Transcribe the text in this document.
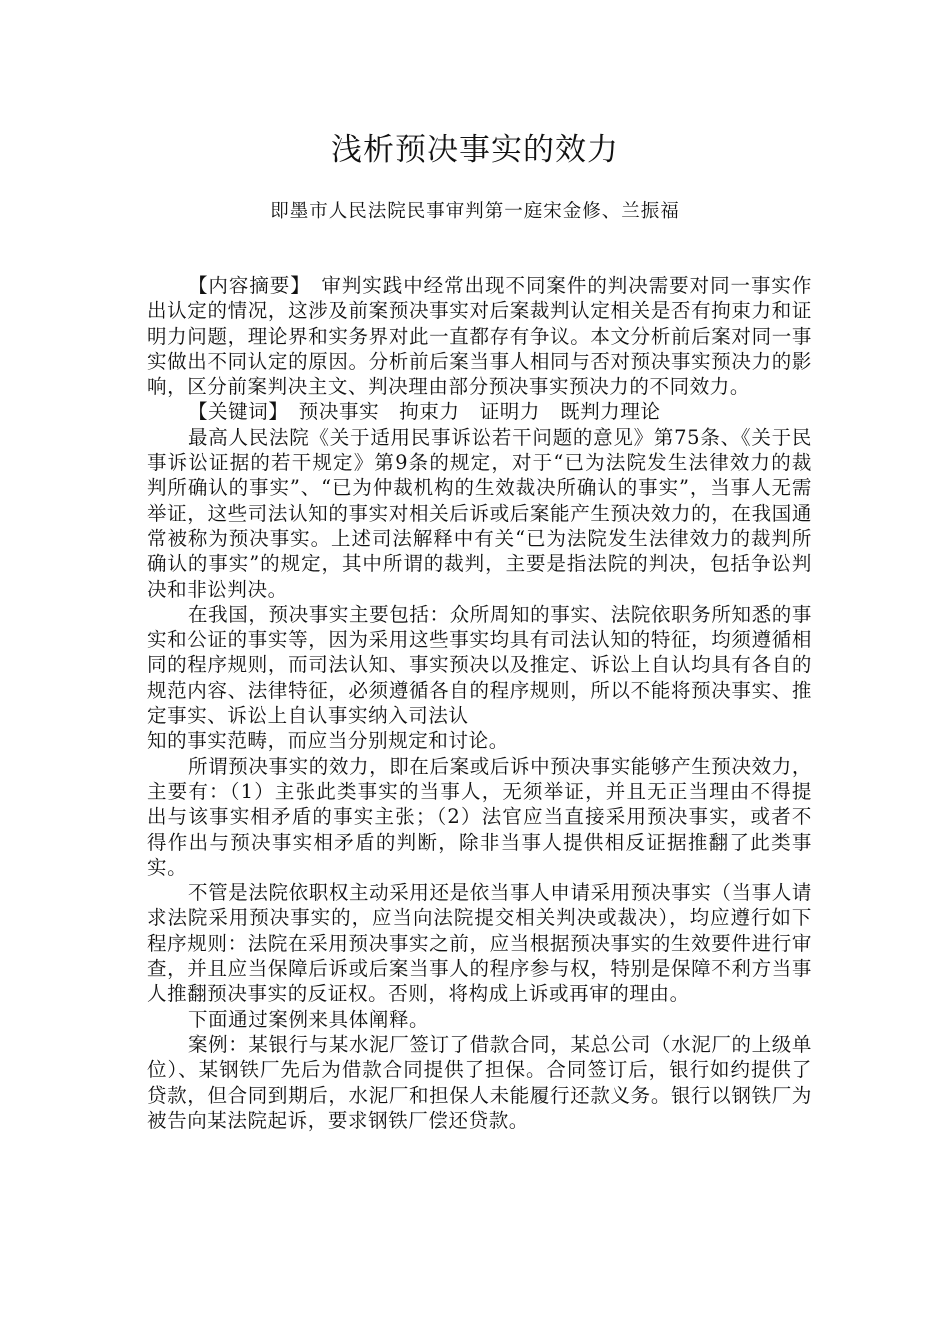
浅析预决事实的效力
即墨市人民法院民事审判第一庭宋金修、兰振福

【内容摘要】　审判实践中经常出现不同案件的判决需要对同一事实作出认定的情况，这涉及前案预决事实对后案裁判认定相关是否有拘束力和证明力问题，理论界和实务界对此一直都存有争议。本文分析前后案对同一事实做出不同认定的原因。分析前后案当事人相同与否对预决事实预决力的影响，区分前案判决主文、判决理由部分预决事实预决力的不同效力。

【关键词】　预决事实　拘束力　证明力　既判力理论

最高人民法院《关于适用民事诉讼若干问题的意见》第75条、《关于民事诉讼证据的若干规定》第9条的规定，对于“已为法院发生法律效力的裁判所确认的事实”、“已为仲裁机构的生效裁决所确认的事实”，当事人无需举证，这些司法认知的事实对相关后诉或后案能产生预决效力的，在我国通常被称为预决事实。上述司法解释中有关“已为法院发生法律效力的裁判所确认的事实”的规定，其中所谓的裁判，主要是指法院的判决，包括争讼判决和非讼判决。

在我国，预决事实主要包括：众所周知的事实、法院依职务所知悉的事实和公证的事实等，因为采用这些事实均具有司法认知的特征，均须遵循相同的程序规则，而司法认知、事实预决以及推定、诉讼上自认均具有各自的规范内容、法律特征，必须遵循各自的程序规则，所以不能将预决事实、推定事实、诉讼上自认事实纳入司法认

知的事实范畴，而应当分别规定和讨论。

所谓预决事实的效力，即在后案或后诉中预决事实能够产生预决效力，主要有：（1）主张此类事实的当事人，无须举证，并且无正当理由不得提出与该事实相矛盾的事实主张；（2）法官应当直接采用预决事实，或者不得作出与预决事实相矛盾的判断，除非当事人提供相反证据推翻了此类事实。

不管是法院依职权主动采用还是依当事人申请采用预决事实（当事人请求法院采用预决事实的，应当向法院提交相关判决或裁决），均应遵行如下程序规则：法院在采用预决事实之前，应当根据预决事实的生效要件进行审查，并且应当保障后诉或后案当事人的程序参与权，特别是保障不利方当事人推翻预决事实的反证权。否则，将构成上诉或再审的理由。

下面通过案例来具体阐释。

案例：某银行与某水泥厂签订了借款合同，某总公司（水泥厂的上级单位）、某钢铁厂先后为借款合同提供了担保。合同签订后，银行如约提供了贷款，但合同到期后，水泥厂和担保人未能履行还款义务。银行以钢铁厂为被告向某法院起诉，要求钢铁厂偿还贷款。
